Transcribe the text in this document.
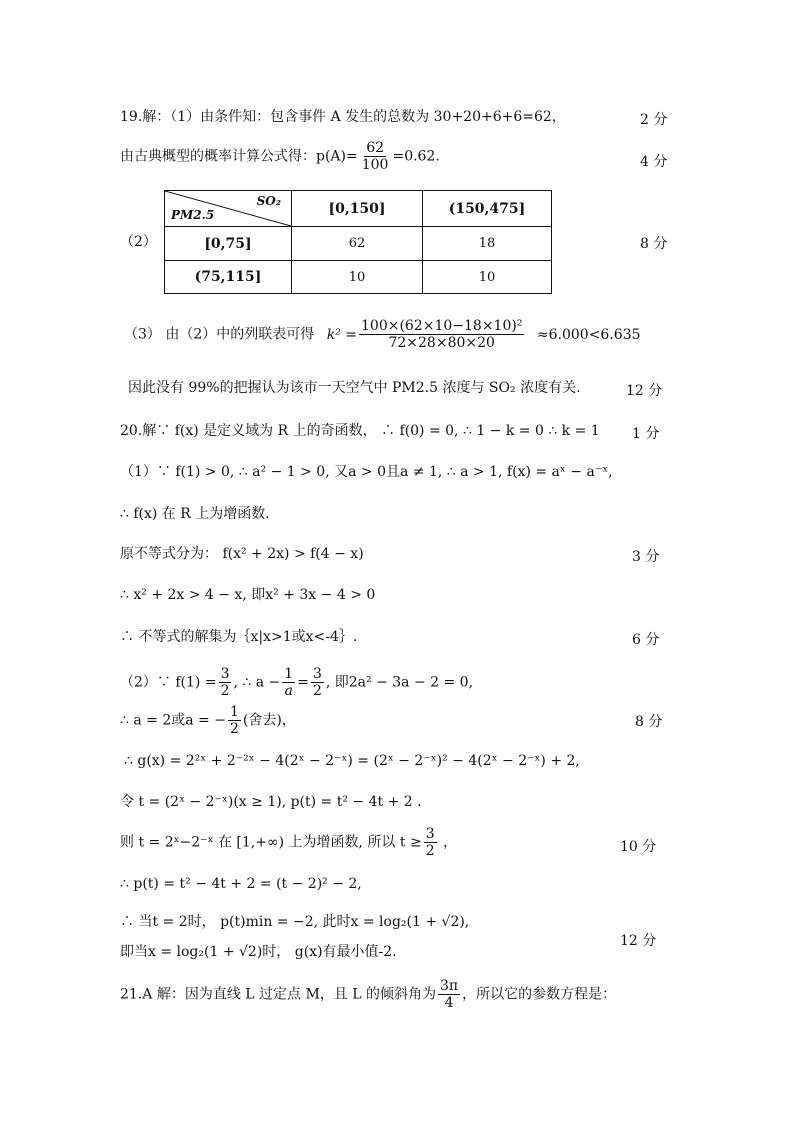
19.解：（1）由条件知：包含事件 A 发生的总数为 30+20+6+6=62，	2 分
由古典概型的概率计算公式得：$p(A)= \frac{62}{100} =0.62$.	4 分
（2）
SO₂
PM2.5	[0,150]	(150,475]
[0,75]	62	18
(75,115]	10	10
8 分
（3） 由（2）中的列联表可得 $k^2 = \frac{\text{100×(62×10−18×10)²}}{72\times 28\times 80\times 20} \approx 6.000<6.635$
因此没有 99%的把握认为该市一天空气中 PM2.5 浓度与 SO₂ 浓度有关.	12 分
20.解∵ f(x) 是定义域为 R 上的奇函数， ∴ f(0) = 0, ∴ 1 − k = 0 ∴ k = 1 1 分
（1）∵ f(1) > 0, ∴ a² − 1 > 0, 又a > 0且a ≠ 1, ∴ a > 1, f(x) = aˣ − a⁻ˣ,
∴ f(x) 在 R 上为增函数.
原不等式分为： f(x² + 2x) > f(4 − x)	3 分
∴ x² + 2x > 4 − x, 即x² + 3x − 4 > 0
∴ 不等式的解集为｛x|x>1或x<-4｝.	6 分
（2）∵ $f(1) = \frac{3}{2}$ , ∴ $a - \frac{1}{a} = \frac{3}{2}$ , 即2a² − 3a − 2 = 0,
∴ a = 2或a = − $\frac{1}{2}$ (舍去)，	8 分
∴ g(x) = 2²ˣ + 2⁻²ˣ − 4(2ˣ − 2⁻ˣ) = (2ˣ − 2⁻ˣ)² − 4(2ˣ − 2⁻ˣ) + 2,
令 t = (2ˣ − 2⁻ˣ)(x ≥ 1), p(t) = t² − 4t + 2 .
则 t = 2ˣ−2⁻ˣ 在 [1,+∞) 上为增函数, 所以 $t \ge \frac{3}{2}$ ，	10 分
∴ p(t) = t² − 4t + 2 = (t − 2)² − 2,
∴ 当t = 2时， p(t)min = −2, 此时x = log₂(1 + √2),
即当x = log₂(1 + √2)时， g(x)有最小值-2.
12 分
21.A 解：因为直线 L 过定点 M，且 L 的倾斜角为 $\frac{3\pi}{4}$ ，所以它的参数方程是：
